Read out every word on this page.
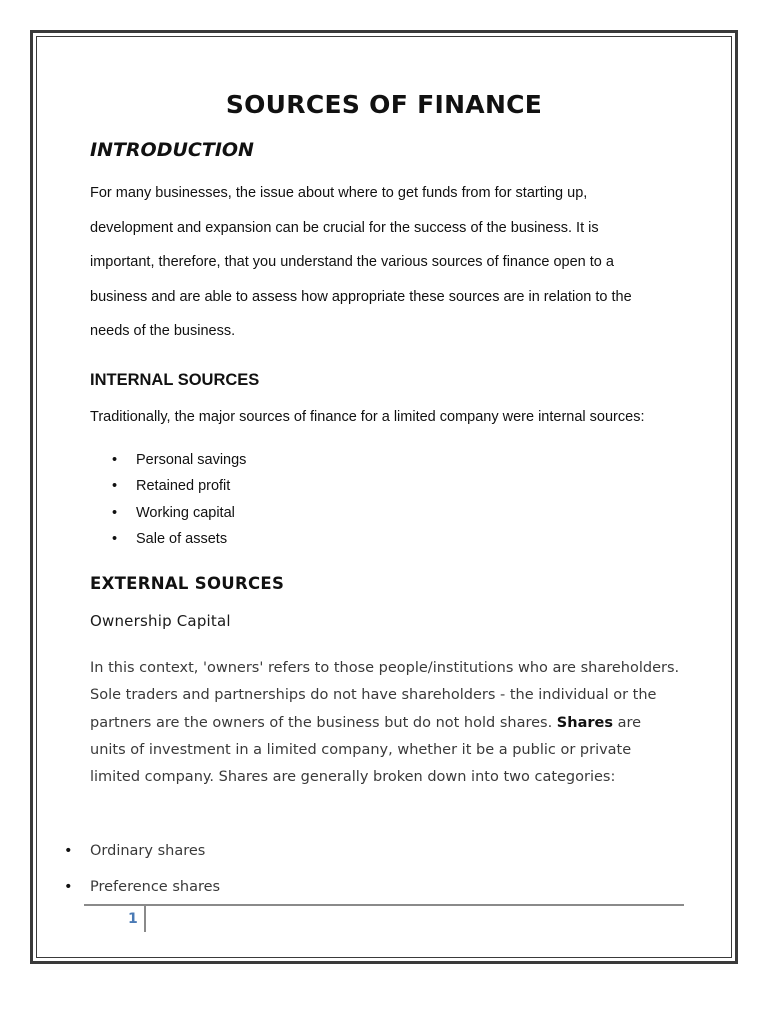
SOURCES OF FINANCE
INTRODUCTION
For many businesses, the issue about where to get funds from for starting up,
development and expansion can be crucial for the success of the business. It is
important, therefore, that you understand the various sources of finance open to a
business and are able to assess how appropriate these sources are in relation to the
needs of the business.
INTERNAL SOURCES
Traditionally, the major sources of finance for a limited company were internal sources:
• Personal savings
• Retained profit
• Working capital
• Sale of assets
EXTERNAL SOURCES
Ownership Capital

In this context, 'owners' refers to those people/institutions who are shareholders. Sole traders and partnerships do not have shareholders - the individual or the partners are the owners of the business but do not hold shares. Shares are units of investment in a limited company, whether it be a public or private limited company. Shares are generally broken down into two categories:

• Ordinary shares
• Preference shares
1
